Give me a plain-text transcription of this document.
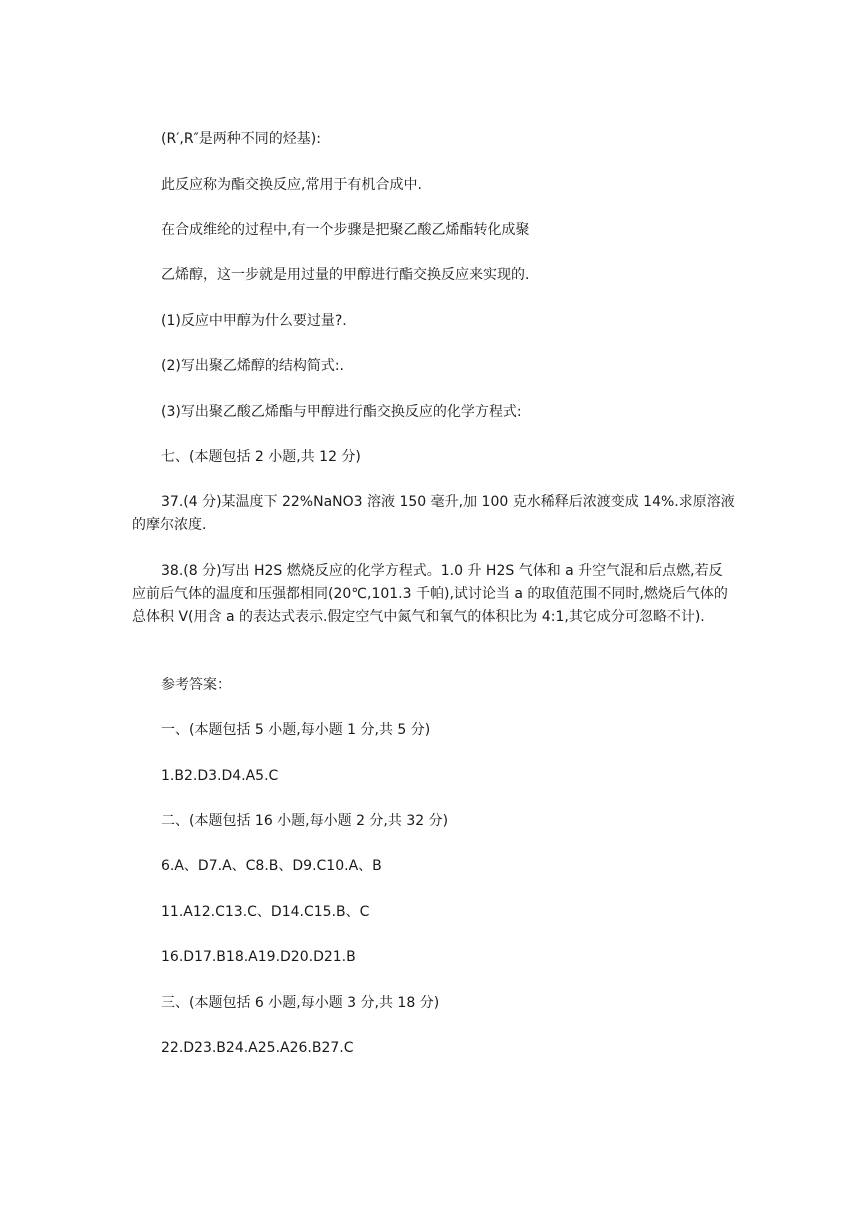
(R′,R″是两种不同的烃基):

此反应称为酯交换反应,常用于有机合成中.

在合成维纶的过程中,有一个步骤是把聚乙酸乙烯酯转化成聚

乙烯醇，这一步就是用过量的甲醇进行酯交换反应来实现的.

(1)反应中甲醇为什么要过量?.

(2)写出聚乙烯醇的结构简式:.

(3)写出聚乙酸乙烯酯与甲醇进行酯交换反应的化学方程式:

七、(本题包括 2 小题,共 12 分)

37.(4 分)某温度下 22%NaNO3 溶液 150 毫升,加 100 克水稀释后浓渡变成 14%.求原溶液的摩尔浓度.

38.(8 分)写出 H2S 燃烧反应的化学方程式。1.0 升 H2S 气体和 a 升空气混和后点燃,若反应前后气体的温度和压强都相同(20℃,101.3 千帕),试讨论当 a 的取值范围不同时,燃烧后气体的总体积 V(用含 a 的表达式表示.假定空气中氮气和氧气的体积比为 4:1,其它成分可忽略不计).

参考答案：

一、(本题包括 5 小题,每小题 1 分,共 5 分)

1.B2.D3.D4.A5.C

二、(本题包括 16 小题,每小题 2 分,共 32 分)

6.A、D7.A、C8.B、D9.C10.A、B

11.A12.C13.C、D14.C15.B、C

16.D17.B18.A19.D20.D21.B

三、(本题包括 6 小题,每小题 3 分,共 18 分)

22.D23.B24.A25.A26.B27.C
